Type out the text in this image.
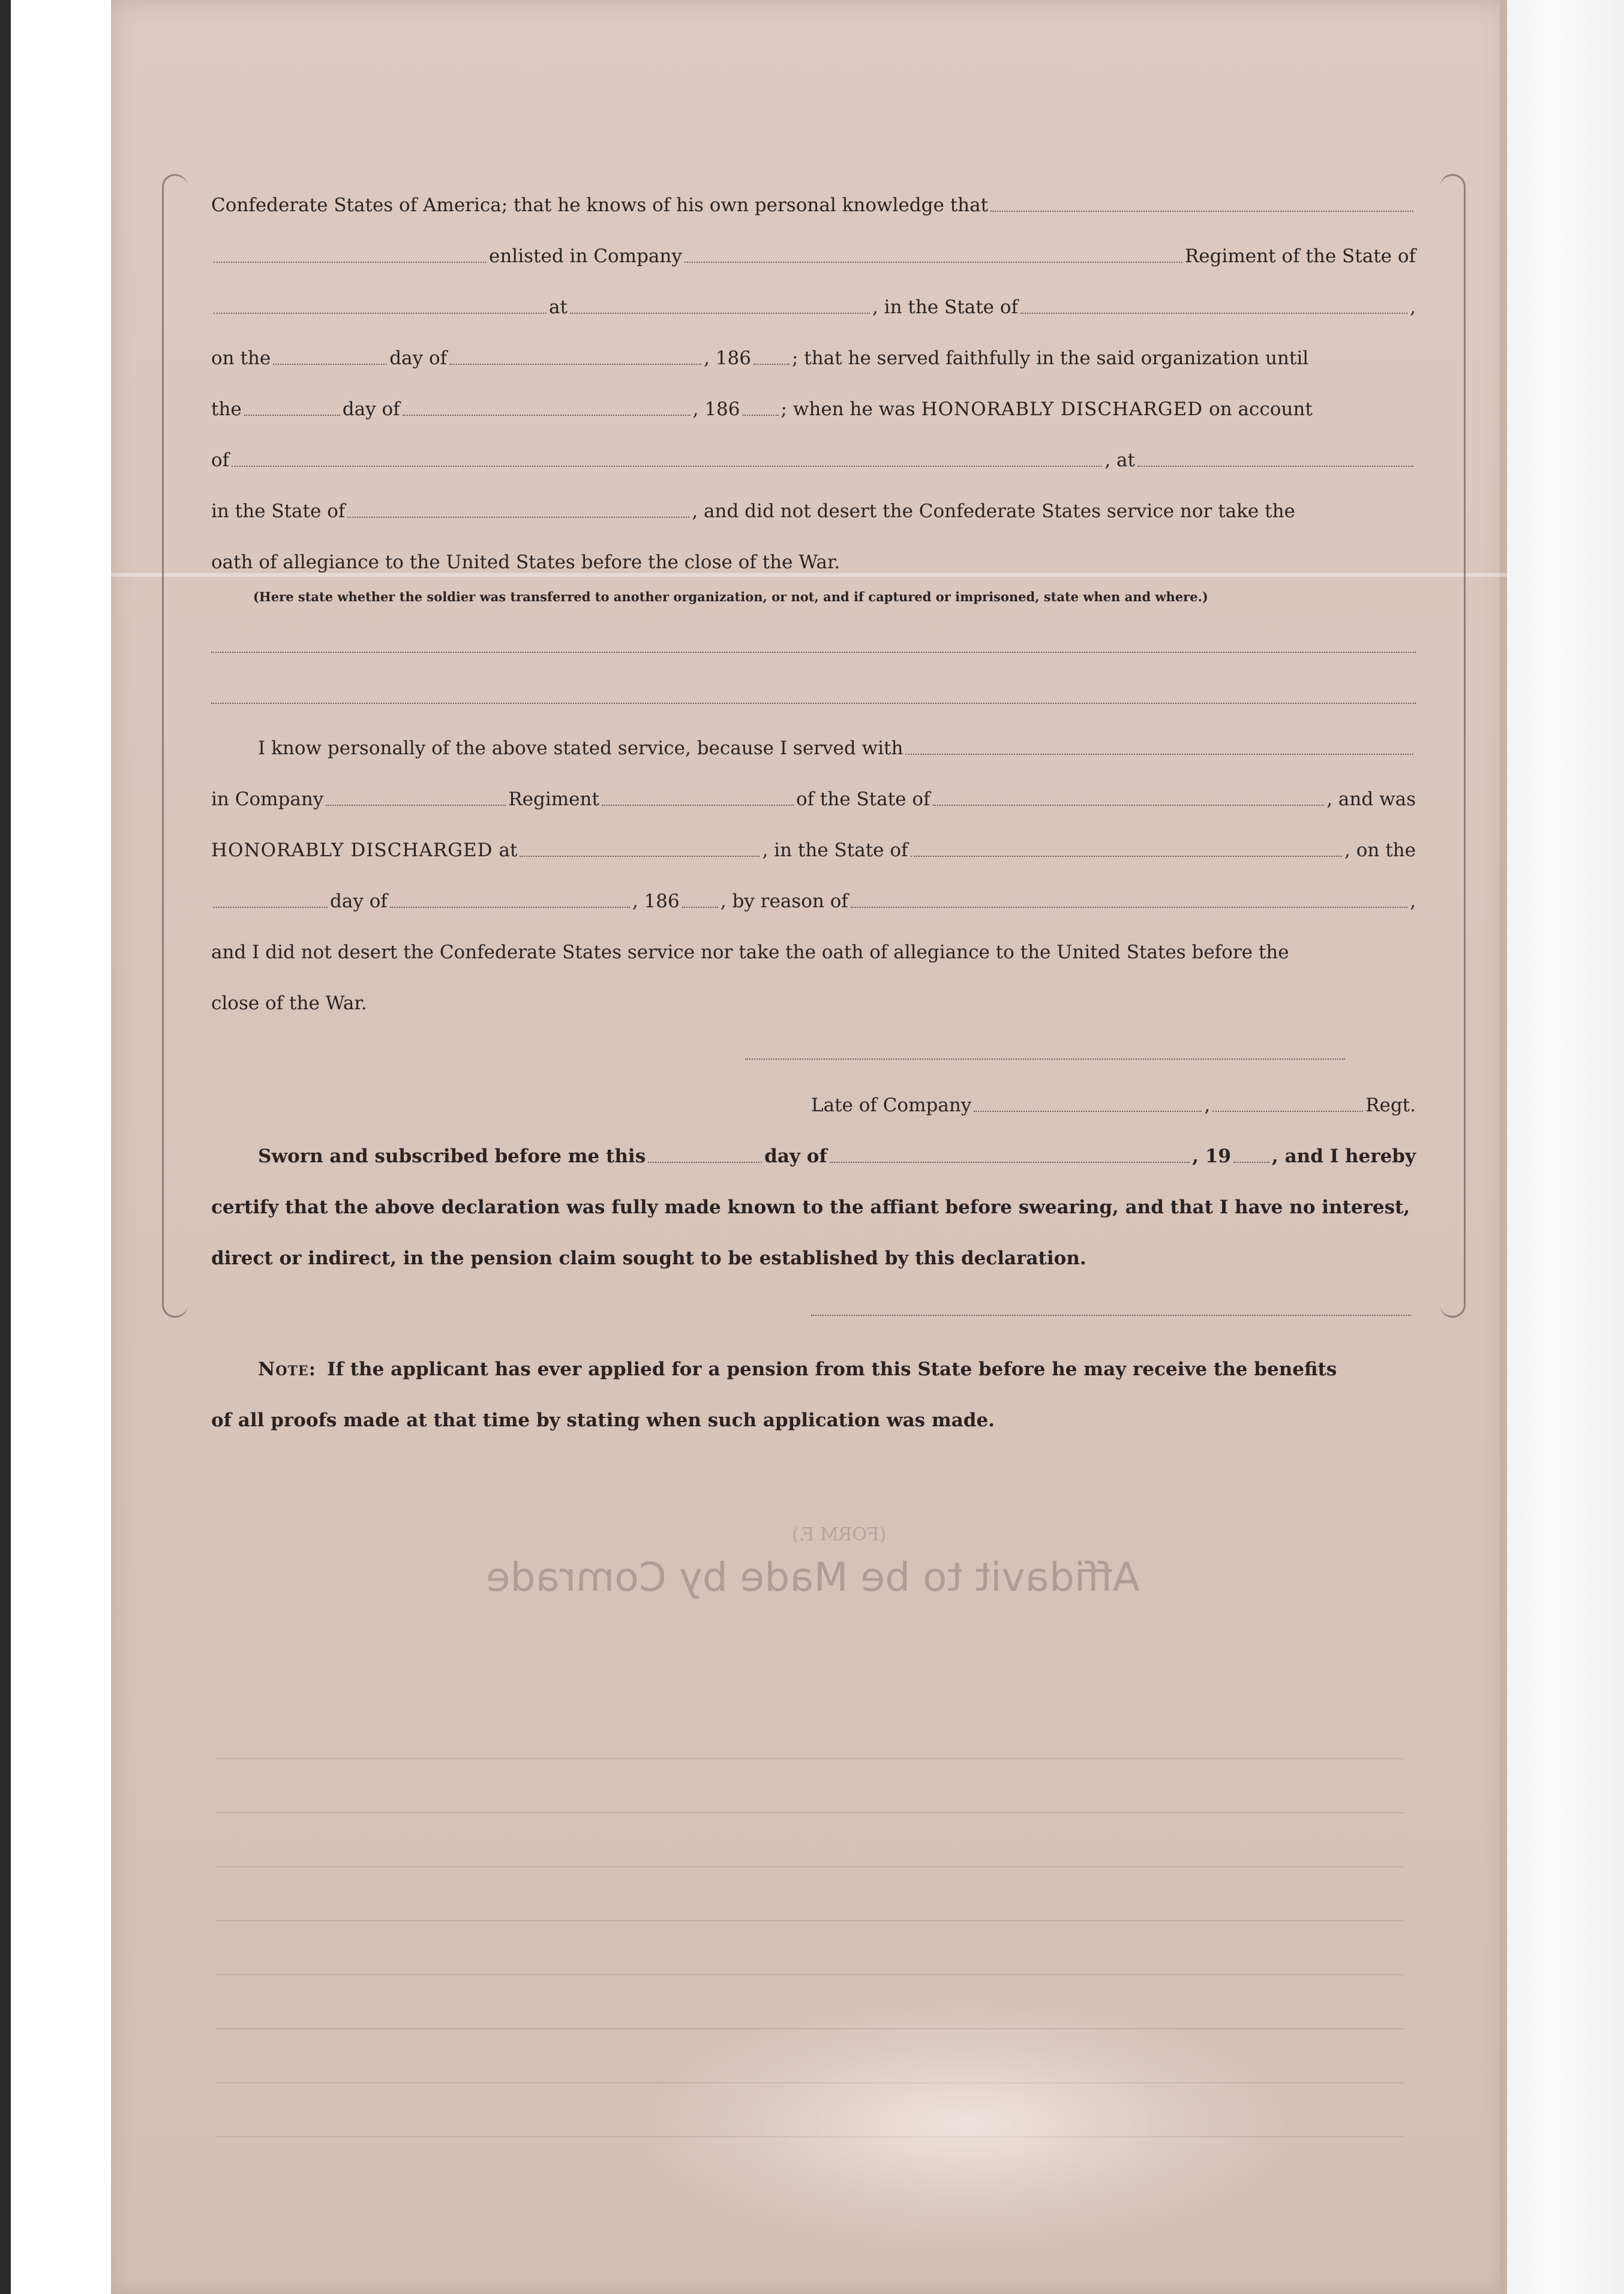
(FORM F.)
Affidavit to be Made by Comrade
Confederate States of America; that he knows of his own personal knowledge that
enlisted in Company	Regiment of the State of
at	, in the State of	,
on the	day of	, 186 ; that he served faithfully in the said organization until
the	day of	, 186 ; when he was HONORABLY DISCHARGED on account
of	, at
in the State of	, and did not desert the Confederate States service nor take the
oath of allegiance to the United States before the close of the War.
(Here state whether the soldier was transferred to another organization, or not, and if captured or imprisoned, state when and where.)
I know personally of the above stated service, because I served with
in Company	Regiment	of the State of	, and was
HONORABLY DISCHARGED at	, in the State of	, on the
day of	, 186 , by reason of	,
and I did not desert the Confederate States service nor take the oath of allegiance to the United States before the
close of the War.
Late of Company	,	Regt.
Sworn and subscribed before me this	day of	, 19 , and I hereby
certify that the above declaration was fully made known to the affiant before swearing, and that I have no interest,
direct or indirect, in the pension claim sought to be established by this declaration.
Note: If the applicant has ever applied for a pension from this State before he may receive the benefits
of all proofs made at that time by stating when such application was made.
